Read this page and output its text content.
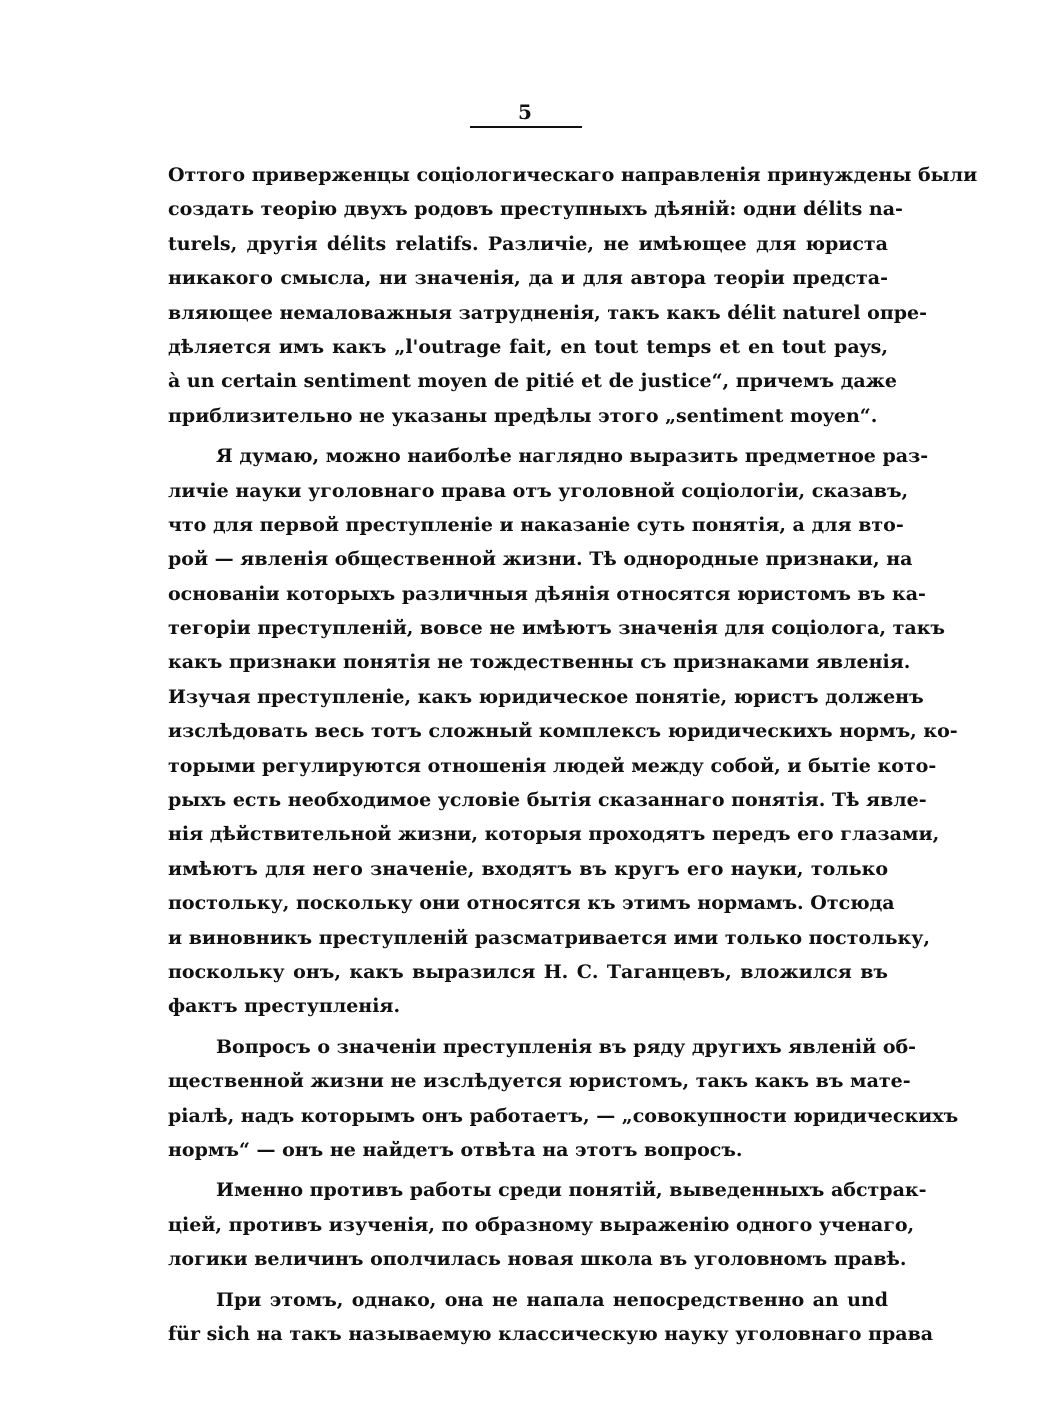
5
Оттого приверженцы соціологическаго направленія принуждены были
создать теорію двухъ родовъ преступныхъ дѣяній: одни délits na-
turels, другія délits relatifs. Различіе, не имѣющее для юриста
никакого смысла, ни значенія, да и для автора теоріи предста-
вляющее немаловажныя затрудненія, такъ какъ délit naturel опре-
дѣляется имъ какъ „l'outrage fait, en tout temps et en tout pays,
à un certain sentiment moyen de pitié et de justice“, причемъ даже
приблизительно не указаны предѣлы этого „sentiment moyen“.
Я думаю, можно наиболѣе наглядно выразить предметное раз-
личіе науки уголовнаго права отъ уголовной соціологіи, сказавъ,
что для первой преступленіе и наказаніе суть понятія, а для вто-
рой — явленія общественной жизни. Тѣ однородные признаки, на
основаніи которыхъ различныя дѣянія относятся юристомъ въ ка-
тегоріи преступленій, вовсе не имѣютъ значенія для соціолога, такъ
какъ признаки понятія не тождественны съ признаками явленія.
Изучая преступленіе, какъ юридическое понятіе, юристъ долженъ
изслѣдовать весь тотъ сложный комплексъ юридическихъ нормъ, ко-
торыми регулируются отношенія людей между собой, и бытіе кото-
рыхъ есть необходимое условіе бытія сказаннаго понятія. Тѣ явле-
нія дѣйствительной жизни, которыя проходятъ передъ его глазами,
имѣютъ для него значеніе, входятъ въ кругъ его науки, только
постольку, поскольку они относятся къ этимъ нормамъ. Отсюда
и виновникъ преступленій разсматривается ими только постольку,
поскольку онъ, какъ выразился Н. С. Таганцевъ, вложился въ
фактъ преступленія.
Вопросъ о значеніи преступленія въ ряду другихъ явленій об-
щественной жизни не изслѣдуется юристомъ, такъ какъ въ мате-
ріалѣ, надъ которымъ онъ работаетъ, — „совокупности юридическихъ
нормъ“ — онъ не найдетъ отвѣта на этотъ вопросъ.
Именно противъ работы среди понятій, выведенныхъ абстрак-
ціей, противъ изученія, по образному выраженію одного ученаго,
логики величинъ ополчилась новая школа въ уголовномъ правѣ.
При этомъ, однако, она не напала непосредственно an und
für sich на такъ называемую классическую науку уголовнаго права
